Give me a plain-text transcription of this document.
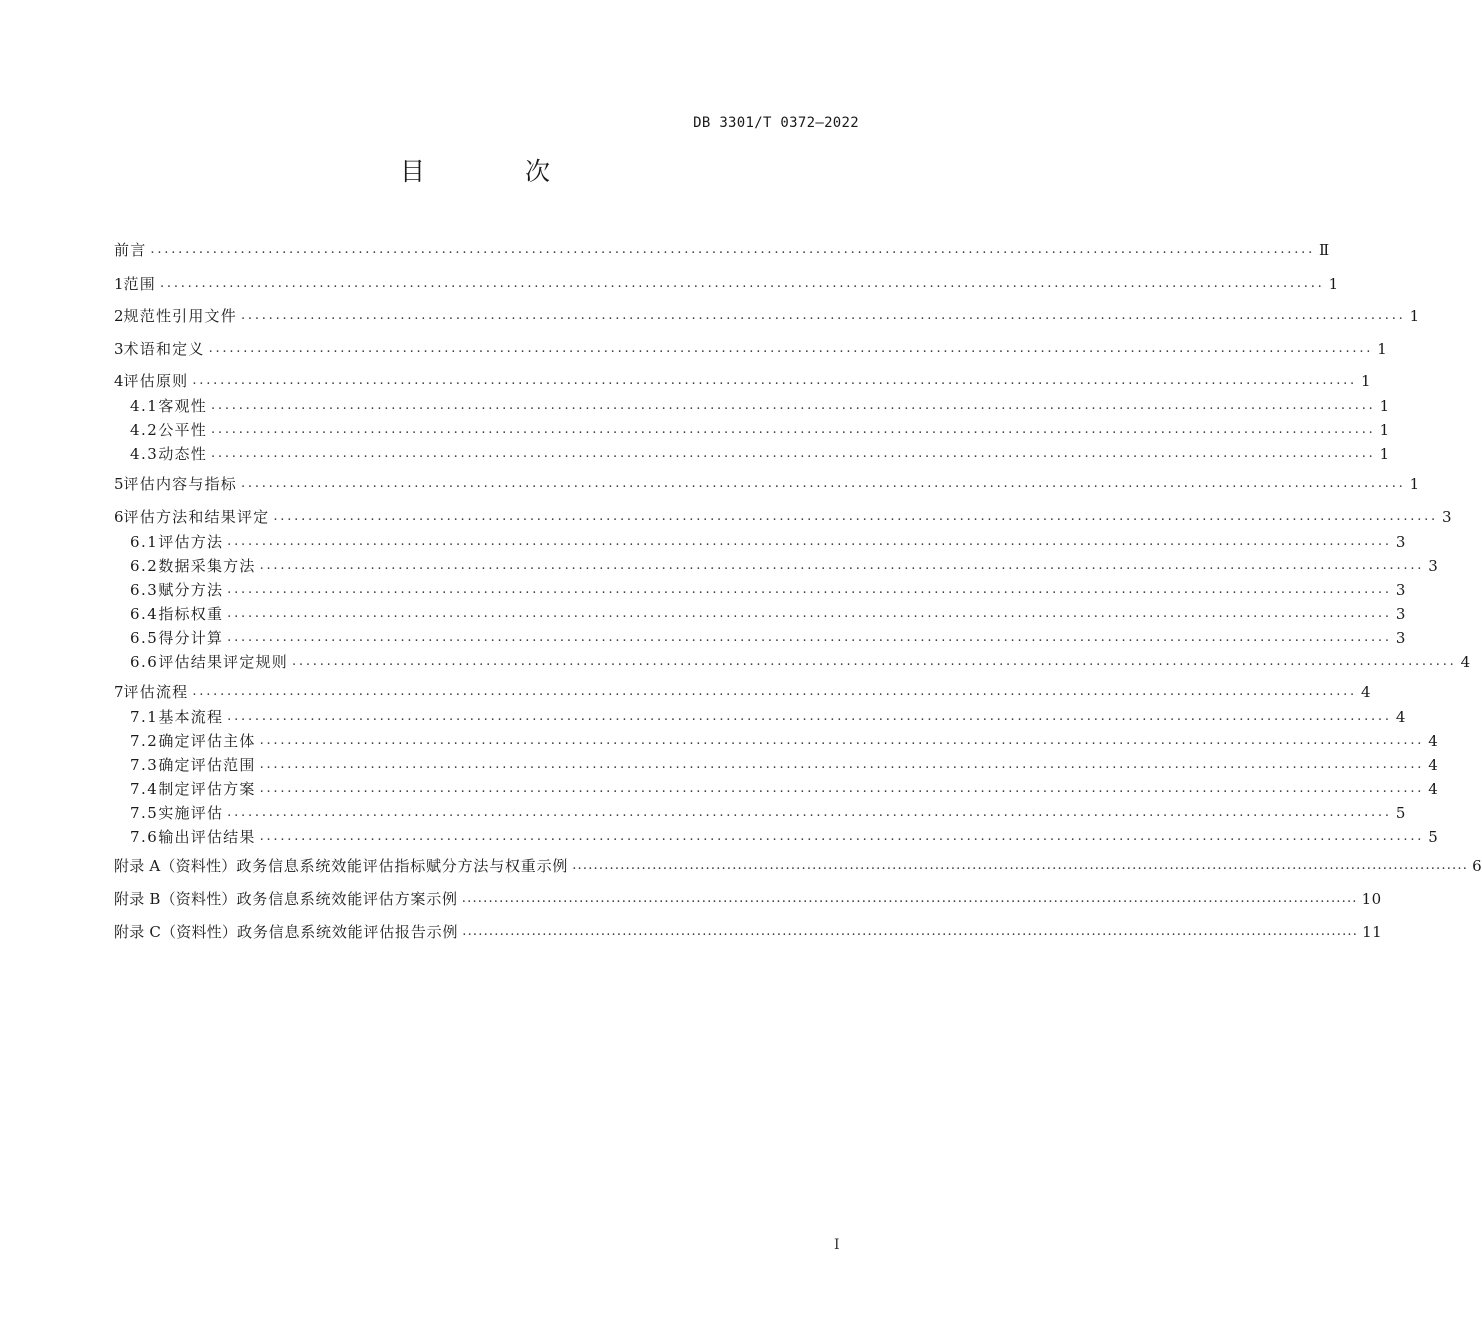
DB 3301/T 0372—2022
目 次
前言 ........................................................................................................................................................................ Ⅱ
1 范围 ........................................................................................................................................................................ 1
2 规范性引用文件 ........................................................................................................................................................................ 1
3 术语和定义 ........................................................................................................................................................................ 1
4 评估原则 ........................................................................................................................................................................ 1
4.1 客观性 ........................................................................................................................................................................ 1
4.2 公平性 ........................................................................................................................................................................ 1
4.3 动态性 ........................................................................................................................................................................ 1
5 评估内容与指标 ........................................................................................................................................................................ 1
6 评估方法和结果评定 ........................................................................................................................................................................ 3
6.1 评估方法 ........................................................................................................................................................................ 3
6.2 数据采集方法 ........................................................................................................................................................................ 3
6.3 赋分方法 ........................................................................................................................................................................ 3
6.4 指标权重 ........................................................................................................................................................................ 3
6.5 得分计算 ........................................................................................................................................................................ 3
6.6 评估结果评定规则 ........................................................................................................................................................................ 4
7 评估流程 ........................................................................................................................................................................ 4
7.1 基本流程 ........................................................................................................................................................................ 4
7.2 确定评估主体 ........................................................................................................................................................................ 4
7.3 确定评估范围 ........................................................................................................................................................................ 4
7.4 制定评估方案 ........................................................................................................................................................................ 4
7.5 实施评估 ........................................................................................................................................................................ 5
7.6 输出评估结果 ........................................................................................................................................................................ 5
附录 A（资料性） 政务信息系统效能评估指标赋分方法与权重示例 ........................................................................................................................................................................ 6
附录 B（资料性） 政务信息系统效能评估方案示例 ........................................................................................................................................................................ 10
附录 C（资料性） 政务信息系统效能评估报告示例 ........................................................................................................................................................................ 11
I
